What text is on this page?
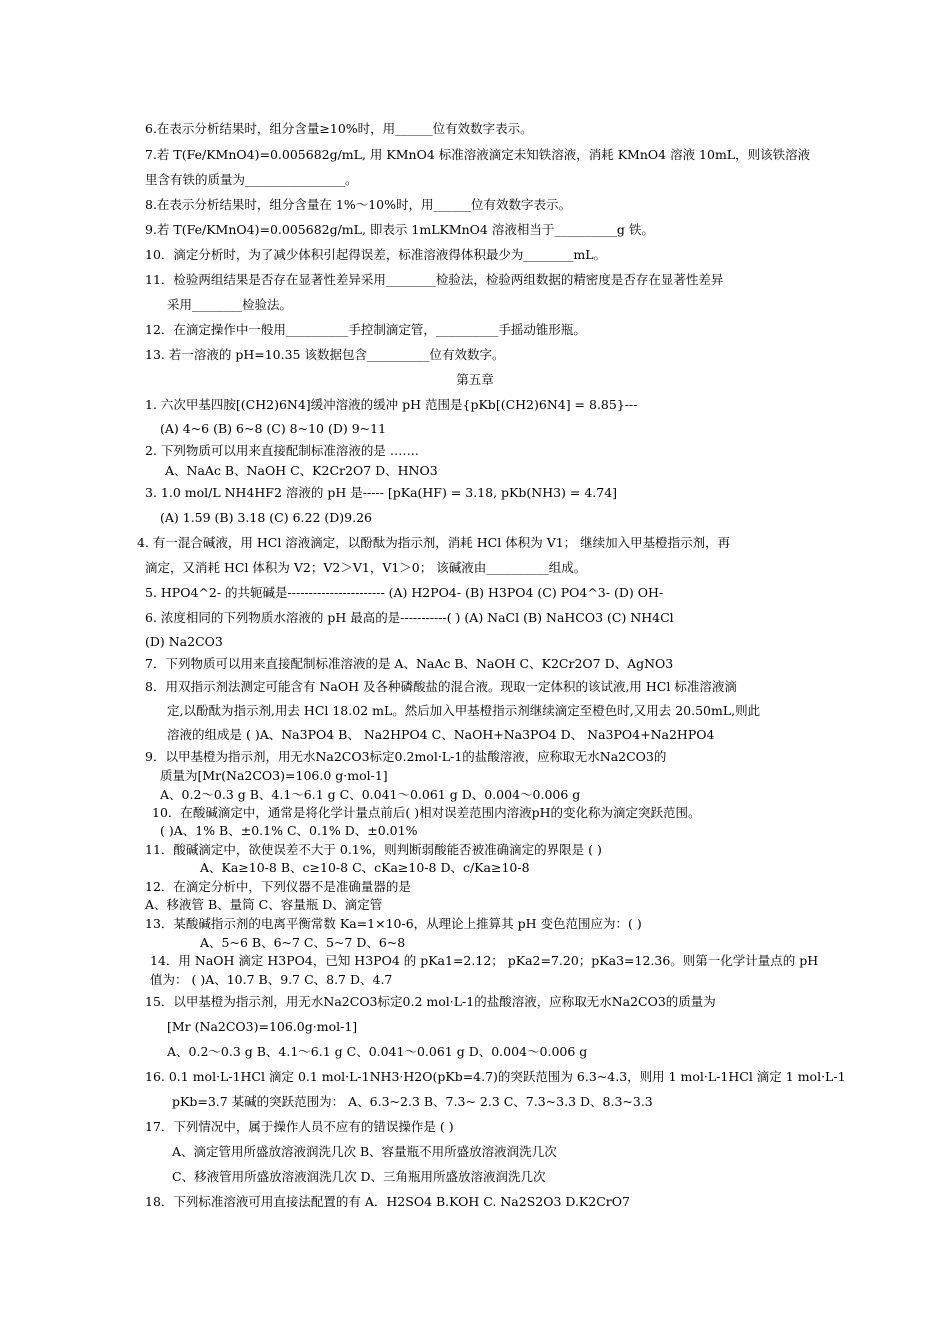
6.在表示分析结果时，组分含量≥10%时，用______位有效数字表示。
7.若 T(Fe/KMnO4)=0.005682g/mL, 用 KMnO4 标准溶液滴定未知铁溶液，消耗 KMnO4 溶液 10mL，则该铁溶液
里含有铁的质量为________________。
8.在表示分析结果时，组分含量在 1%～10%时，用______位有效数字表示。
9.若 T(Fe/KMnO4)=0.005682g/mL, 即表示 1mLKMnO4 溶液相当于__________g 铁。
10．滴定分析时，为了减少体积引起得误差，标准溶液得体积最少为________mL。
11．检验两组结果是否存在显著性差异采用________检验法，检验两组数据的精密度是否存在显著性差异
采用________检验法。
12．在滴定操作中一般用__________手控制滴定管，__________手摇动锥形瓶。
13. 若一溶液的 pH=10.35 该数据包含__________位有效数字。
第五章
1. 六次甲基四胺[(CH2)6N4]缓冲溶液的缓冲 pH 范围是{pKb[(CH2)6N4] = 8.85}---
(A) 4~6 (B) 6~8 (C) 8~10 (D) 9~11
2. 下列物质可以用来直接配制标准溶液的是 …….
A、NaAc B、NaOH C、K2Cr2O7 D、HNO3
3. 1.0 mol/L NH4HF2 溶液的 pH 是----- [pKa(HF) = 3.18, pKb(NH3) = 4.74]
(A) 1.59 (B) 3.18 (C) 6.22 (D)9.26
4. 有一混合碱液，用 HCl 溶液滴定，以酚酞为指示剂，消耗 HCl 体积为 V1； 继续加入甲基橙指示剂，再
滴定，又消耗 HCl 体积为 V2；V2＞V1，V1＞0； 该碱液由__________组成。
5. HPO4^2- 的共轭碱是----------------------- (A) H2PO4- (B) H3PO4 (C) PO4^3- (D) OH-
6. 浓度相同的下列物质水溶液的 pH 最高的是-----------( ) (A) NaCl (B) NaHCO3 (C) NH4Cl
(D) Na2CO3
7．下列物质可以用来直接配制标准溶液的是 A、NaAc B、NaOH C、K2Cr2O7 D、AgNO3
8．用双指示剂法测定可能含有 NaOH 及各种磷酸盐的混合液。现取一定体积的该试液,用 HCl 标准溶液滴
定,以酚酞为指示剂,用去 HCl 18.02 mL。然后加入甲基橙指示剂继续滴定至橙色时,又用去 20.50mL,则此
溶液的组成是 ( )A、Na3PO4 B、 Na2HPO4 C、NaOH+Na3PO4 D、 Na3PO4+Na2HPO4
9．以甲基橙为指示剂，用无水Na2CO3标定0.2mol·L-1的盐酸溶液，应称取无水Na2CO3的
质量为[Mr(Na2CO3)=106.0 g·mol-1]
A、0.2～0.3 g B、4.1～6.1 g C、0.041～0.061 g D、0.004～0.006 g
10．在酸碱滴定中，通常是将化学计量点前后( )相对误差范围内溶液pH的变化称为滴定突跃范围。
( )A、1% B、±0.1% C、0.1% D、±0.01%
11．酸碱滴定中，欲使误差不大于 0.1%，则判断弱酸能否被准确滴定的界限是 ( )
A、Ka≥10-8 B、c≥10-8 C、cKa≥10-8 D、c/Ka≥10-8
12．在滴定分析中，下列仪器不是准确量器的是
A、移液管 B、量筒 C、容量瓶 D、滴定管
13．某酸碱指示剂的电离平衡常数 Ka=1×10-6，从理论上推算其 pH 变色范围应为：( )
A、5~6 B、6~7 C、5~7 D、6~8
14．用 NaOH 滴定 H3PO4，已知 H3PO4 的 pKa1=2.12； pKa2=7.20；pKa3=12.36。则第一化学计量点的 pH
值为： ( )A、10.7 B、9.7 C、8.7 D、4.7
15．以甲基橙为指示剂，用无水Na2CO3标定0.2 mol·L-1的盐酸溶液，应称取无水Na2CO3的质量为
[Mr (Na2CO3)=106.0g·mol-1]
A、0.2～0.3 g B、4.1～6.1 g C、0.041～0.061 g D、0.004～0.006 g
16. 0.1 mol·L-1HCl 滴定 0.1 mol·L-1NH3·H2O(pKb=4.7)的突跃范围为 6.3~4.3，则用 1 mol·L-1HCl 滴定 1 mol·L-1
pKb=3.7 某碱的突跃范围为： A、6.3~2.3 B、7.3~ 2.3 C、7.3~3.3 D、8.3~3.3
17．下列情况中，属于操作人员不应有的错误操作是 ( )
A、滴定管用所盛放溶液润洗几次 B、容量瓶不用所盛放溶液润洗几次
C、移液管用所盛放溶液润洗几次 D、三角瓶用所盛放溶液润洗几次
18．下列标准溶液可用直接法配置的有 A．H2SO4 B.KOH C. Na2S2O3 D.K2CrO7
